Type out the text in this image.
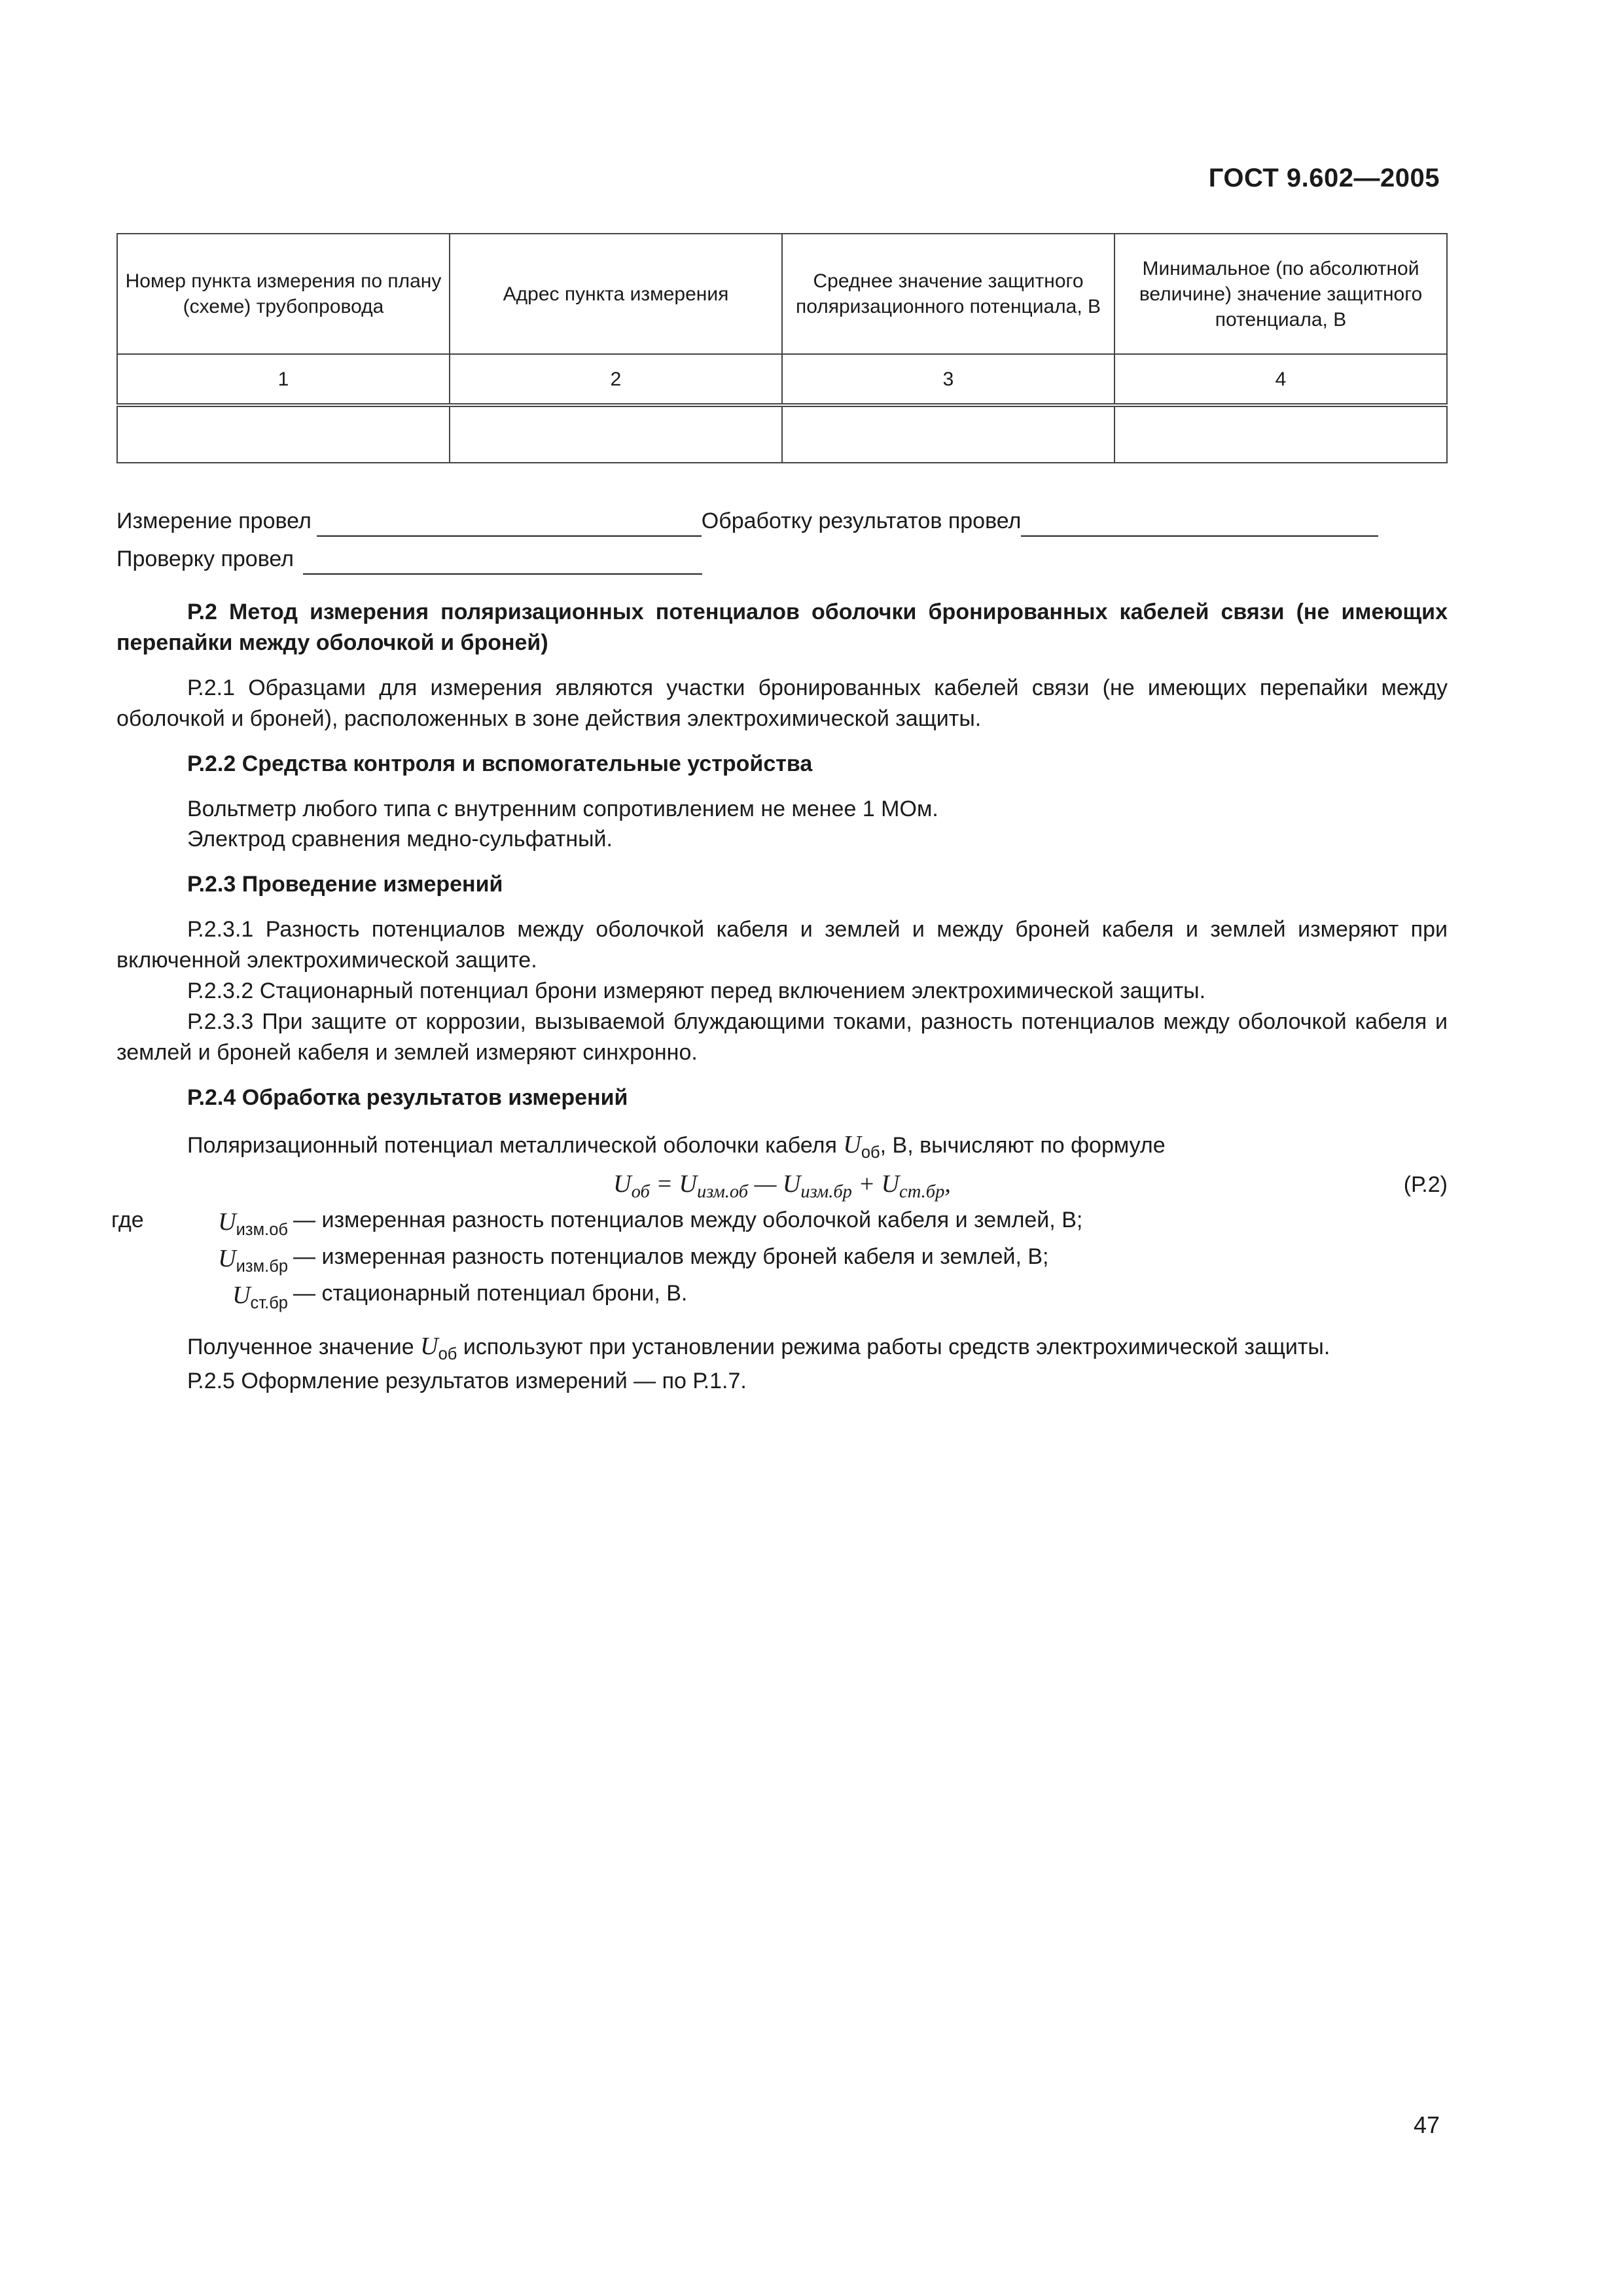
ГОСТ 9.602—2005
Номер пункта измерения по плану (схеме) трубопровода	Адрес пункта измерения	Среднее значение защитного поляризационного потенциала, В	Минимальное (по абсолютной величине) значение защитного потенциала, В
1	2	3	4

Измерение провел	Обработку результатов провел
Проверку провел

Р.2 Метод измерения поляризационных потенциалов оболочки бронированных кабелей связи (не имеющих перепайки между оболочкой и броней)

Р.2.1 Образцами для измерения являются участки бронированных кабелей связи (не имеющих перепайки между оболочкой и броней), расположенных в зоне действия электрохимической защиты.

Р.2.2 Средства контроля и вспомогательные устройства

Вольтметр любого типа с внутренним сопротивлением не менее 1 МОм.

Электрод сравнения медно-сульфатный.

Р.2.3 Проведение измерений

Р.2.3.1 Разность потенциалов между оболочкой кабеля и землей и между броней кабеля и землей измеряют при включенной электрохимической защите.

Р.2.3.2 Стационарный потенциал брони измеряют перед включением электрохимической защиты.

Р.2.3.3 При защите от коррозии, вызываемой блуждающими токами, разность потенциалов между оболочкой кабеля и землей и броней кабеля и землей измеряют синхронно.

Р.2.4 Обработка результатов измерений

Поляризационный потенциал металлической оболочки кабеля $U_{об}$, В, вычисляют по формуле

$U_{об} = U_{изм.об}$ — $U_{изм.бр} + U_{ст.бр}$,	(Р.2)
где	$U_{изм.об}$ — измеренная разность потенциалов между оболочкой кабеля и землей, В;
$U_{изм.бр}$ — измеренная разность потенциалов между броней кабеля и землей, В;
$U_{ст.бр}$ — стационарный потенциал брони, В.

Полученное значение $U_{об}$ используют при установлении режима работы средств электрохимической защиты.

Р.2.5 Оформление результатов измерений — по Р.1.7.

47
